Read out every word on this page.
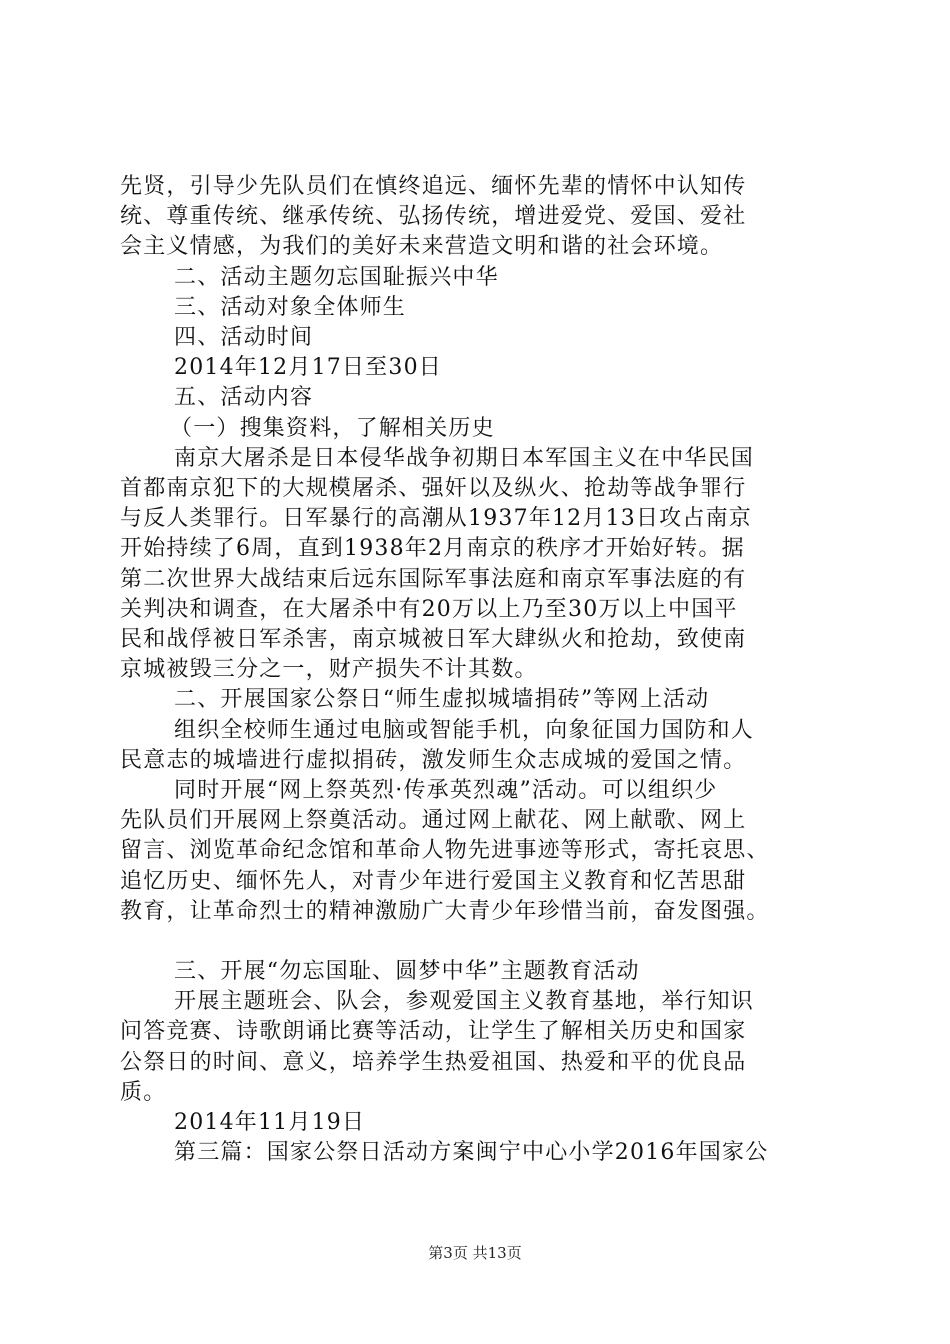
先贤，引导少先队员们在慎终追远、缅怀先辈的情怀中认知传

统、尊重传统、继承传统、弘扬传统，增进爱党、爱国、爱社

会主义情感，为我们的美好未来营造文明和谐的社会环境。

二、活动主题勿忘国耻振兴中华

三、活动对象全体师生

四、活动时间

2014年12月17日至30日

五、活动内容

（一）搜集资料，了解相关历史

南京大屠杀是日本侵华战争初期日本军国主义在中华民国

首都南京犯下的大规模屠杀、强奸以及纵火、抢劫等战争罪行

与反人类罪行。日军暴行的高潮从1937年12月13日攻占南京

开始持续了6周，直到1938年2月南京的秩序才开始好转。据

第二次世界大战结束后远东国际军事法庭和南京军事法庭的有

关判决和调查，在大屠杀中有20万以上乃至30万以上中国平

民和战俘被日军杀害，南京城被日军大肆纵火和抢劫，致使南

京城被毁三分之一，财产损失不计其数。

二、开展国家公祭日“师生虚拟城墙捐砖”等网上活动

组织全校师生通过电脑或智能手机，向象征国力国防和人

民意志的城墙进行虚拟捐砖，激发师生众志成城的爱国之情。

同时开展“网上祭英烈·传承英烈魂”活动。可以组织少

先队员们开展网上祭奠活动。通过网上献花、网上献歌、网上

留言、浏览革命纪念馆和革命人物先进事迹等形式，寄托哀思、

追忆历史、缅怀先人，对青少年进行爱国主义教育和忆苦思甜

教育，让革命烈士的精神激励广大青少年珍惜当前，奋发图强。

三、开展“勿忘国耻、圆梦中华”主题教育活动

开展主题班会、队会，参观爱国主义教育基地，举行知识

问答竞赛、诗歌朗诵比赛等活动，让学生了解相关历史和国家

公祭日的时间、意义，培养学生热爱祖国、热爱和平的优良品

质。

2014年11月19日

第三篇：国家公祭日活动方案闽宁中心小学2016年国家公

第3页 共13页
